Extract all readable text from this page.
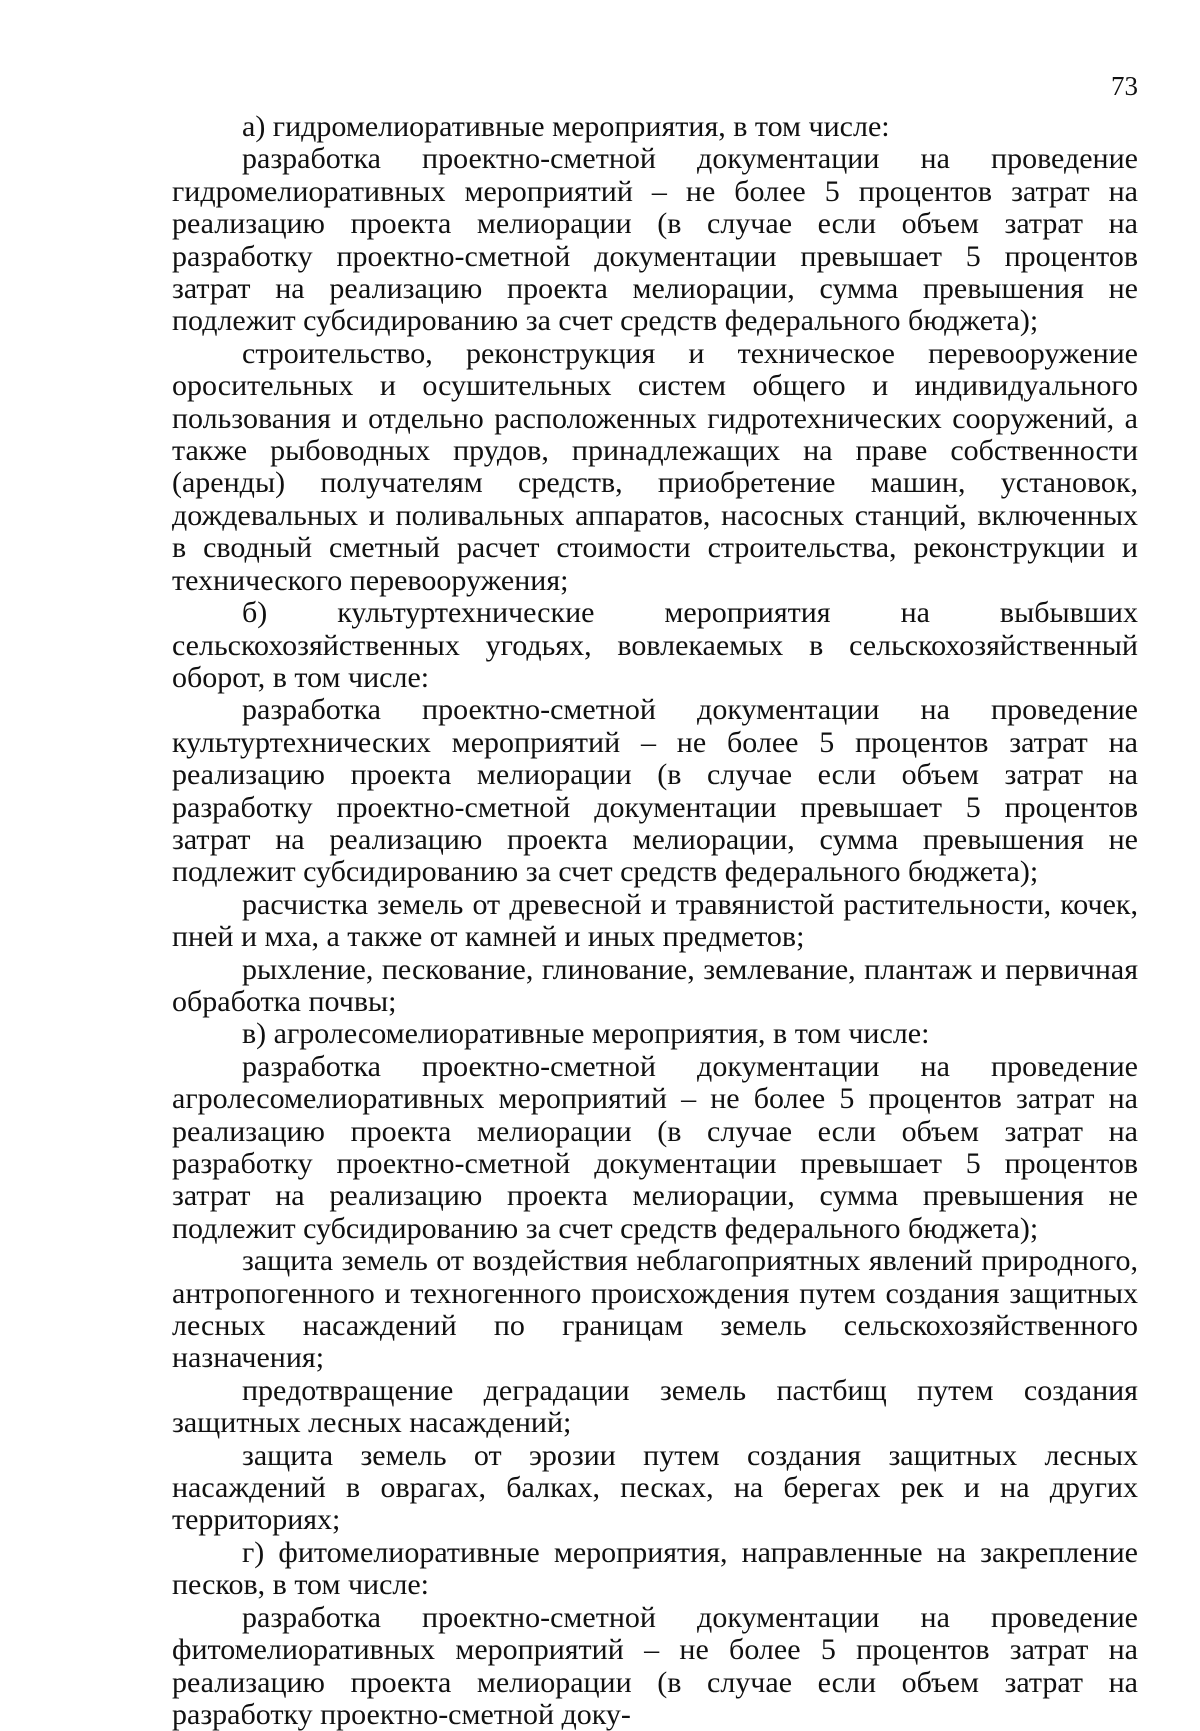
73

а) гидромелиоративные мероприятия, в том числе:

разработка проектно-сметной документации на проведение гидромелиоративных мероприятий – не более 5 процентов затрат на реализацию проекта мелиорации (в случае если объем затрат на разработку проектно-сметной документации превышает 5 процентов затрат на реализацию проекта мелиорации, сумма превышения не подлежит субсидированию за счет средств федерального бюджета);

строительство, реконструкция и техническое перевооружение оросительных и осушительных систем общего и индивидуального пользования и отдельно расположенных гидротехнических сооружений, а также рыбоводных прудов, принадлежащих на праве собственности (аренды) получателям средств, приобретение машин, установок, дождевальных и поливальных аппаратов, насосных станций, включенных в сводный сметный расчет стоимости строительства, реконструкции и технического перевооружения;

б) культуртехнические мероприятия на выбывших сельскохозяйственных угодьях, вовлекаемых в сельскохозяйственный оборот, в том числе:

разработка проектно-сметной документации на проведение культуртехнических мероприятий – не более 5 процентов затрат на реализацию проекта мелиорации (в случае если объем затрат на разработку проектно-сметной документации превышает 5 процентов затрат на реализацию проекта мелиорации, сумма превышения не подлежит субсидированию за счет средств федерального бюджета);

расчистка земель от древесной и травянистой растительности, кочек, пней и мха, а также от камней и иных предметов;

рыхление, пескование, глинование, землевание, плантаж и первичная обработка почвы;

в) агролесомелиоративные мероприятия, в том числе:

разработка проектно-сметной документации на проведение агролесомелиоративных мероприятий – не более 5 процентов затрат на реализацию проекта мелиорации (в случае если объем затрат на разработку проектно-сметной документации превышает 5 процентов затрат на реализацию проекта мелиорации, сумма превышения не подлежит субсидированию за счет средств федерального бюджета);

защита земель от воздействия неблагоприятных явлений природного, антропогенного и техногенного происхождения путем создания защитных лесных насаждений по границам земель сельскохозяйственного назначения;

предотвращение деградации земель пастбищ путем создания защитных лесных насаждений;

защита земель от эрозии путем создания защитных лесных насаждений в оврагах, балках, песках, на берегах рек и на других территориях;

г) фитомелиоративные мероприятия, направленные на закрепление песков, в том числе:

разработка проектно-сметной документации на проведение фитомелиоративных мероприятий – не более 5 процентов затрат на реализацию проекта мелиорации (в случае если объем затрат на разработку проектно-сметной доку-
